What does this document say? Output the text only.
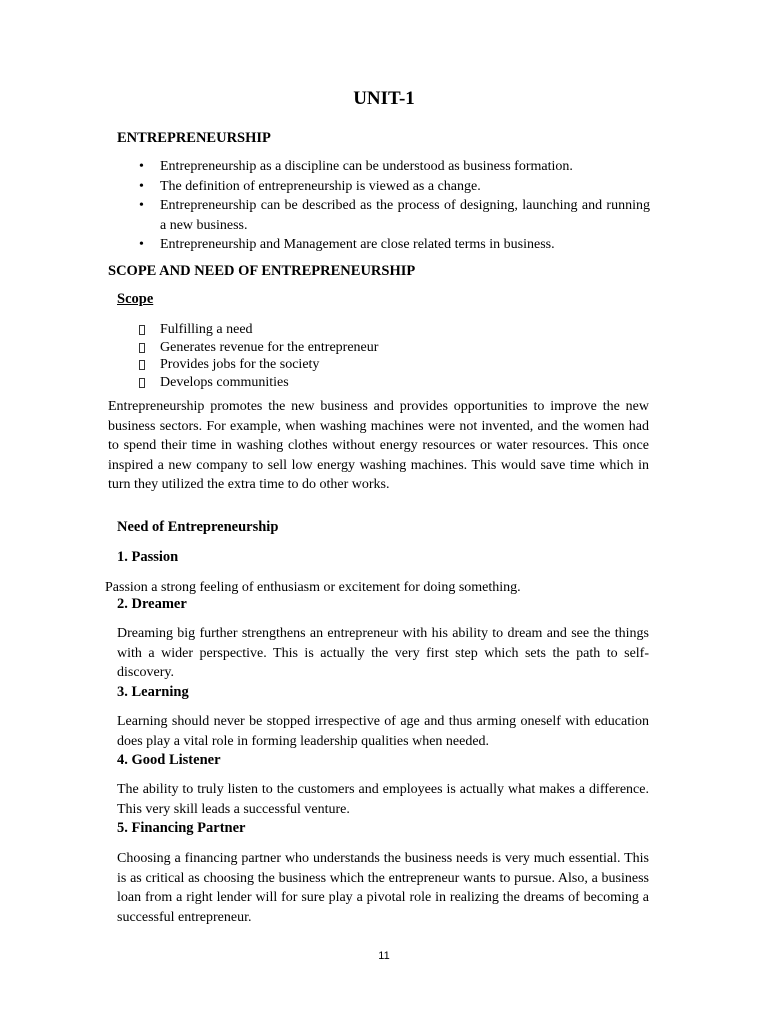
UNIT-1
ENTREPRENEURSHIP
• Entrepreneurship as a discipline can be understood as business formation.
• The definition of entrepreneurship is viewed as a change.
• Entrepreneurship can be described as the process of designing, launching and running a new business.
• Entrepreneurship and Management are close related terms in business.
SCOPE AND NEED OF ENTREPRENEURSHIP
Scope
Fulfilling a need
Generates revenue for the entrepreneur
Provides jobs for the society
Develops communities
Entrepreneurship promotes the new business and provides opportunities to improve the new business sectors. For example, when washing machines were not invented, and the women had to spend their time in washing clothes without energy resources or water resources. This once inspired a new company to sell low energy washing machines. This would save time which in turn they utilized the extra time to do other works.
Need of Entrepreneurship
1. Passion
Passion a strong feeling of enthusiasm or excitement for doing something.
2. Dreamer
Dreaming big further strengthens an entrepreneur with his ability to dream and see the things with a wider perspective. This is actually the very first step which sets the path to self- discovery.
3. Learning
Learning should never be stopped irrespective of age and thus arming oneself with education does play a vital role in forming leadership qualities when needed.
4. Good Listener
The ability to truly listen to the customers and employees is actually what makes a difference. This very skill leads a successful venture.
5. Financing Partner
Choosing a financing partner who understands the business needs is very much essential. This is as critical as choosing the business which the entrepreneur wants to pursue. Also, a business loan from a right lender will for sure play a pivotal role in realizing the dreams of becoming a successful entrepreneur.
11
